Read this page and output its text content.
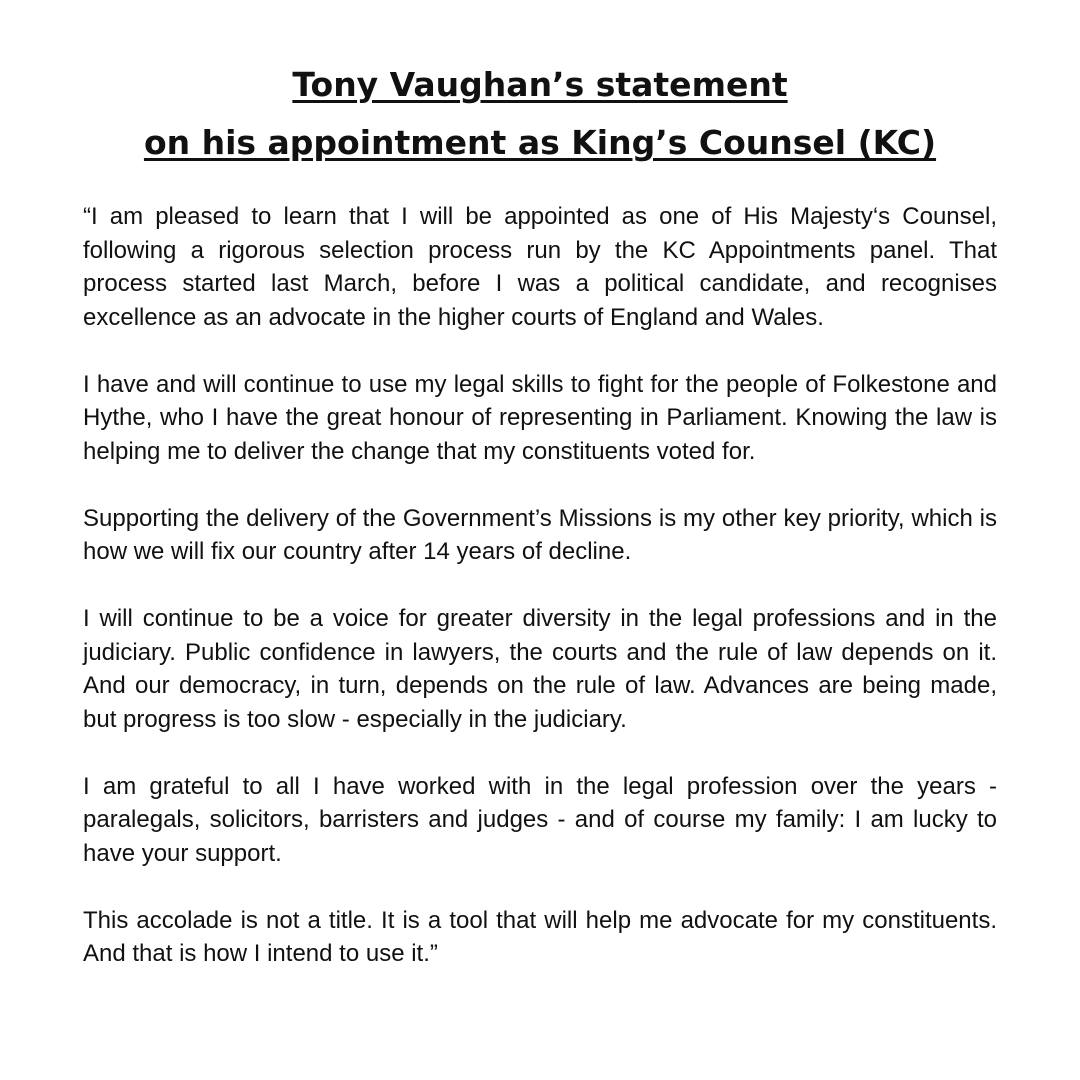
Tony Vaughan’s statement
on his appointment as King’s Counsel (KC)

“I am pleased to learn that I will be appointed as one of His Majesty‘s Counsel, following a rigorous selection process run by the KC Appointments panel. That process started last March, before I was a political candidate, and recognises excellence as an advocate in the higher courts of England and Wales.

I have and will continue to use my legal skills to fight for the people of Folkestone and Hythe, who I have the great honour of representing in Parliament. Knowing the law is helping me to deliver the change that my constituents voted for.

Supporting the delivery of the Government’s Missions is my other key priority, which is how we will fix our country after 14 years of decline.

I will continue to be a voice for greater diversity in the legal professions and in the judiciary. Public confidence in lawyers, the courts and the rule of law depends on it. And our democracy, in turn, depends on the rule of law. Advances are being made, but progress is too slow - especially in the judiciary.

I am grateful to all I have worked with in the legal profession over the years - paralegals, solicitors, barristers and judges - and of course my family: I am lucky to have your support.

This accolade is not a title. It is a tool that will help me advocate for my constituents. And that is how I intend to use it.”
